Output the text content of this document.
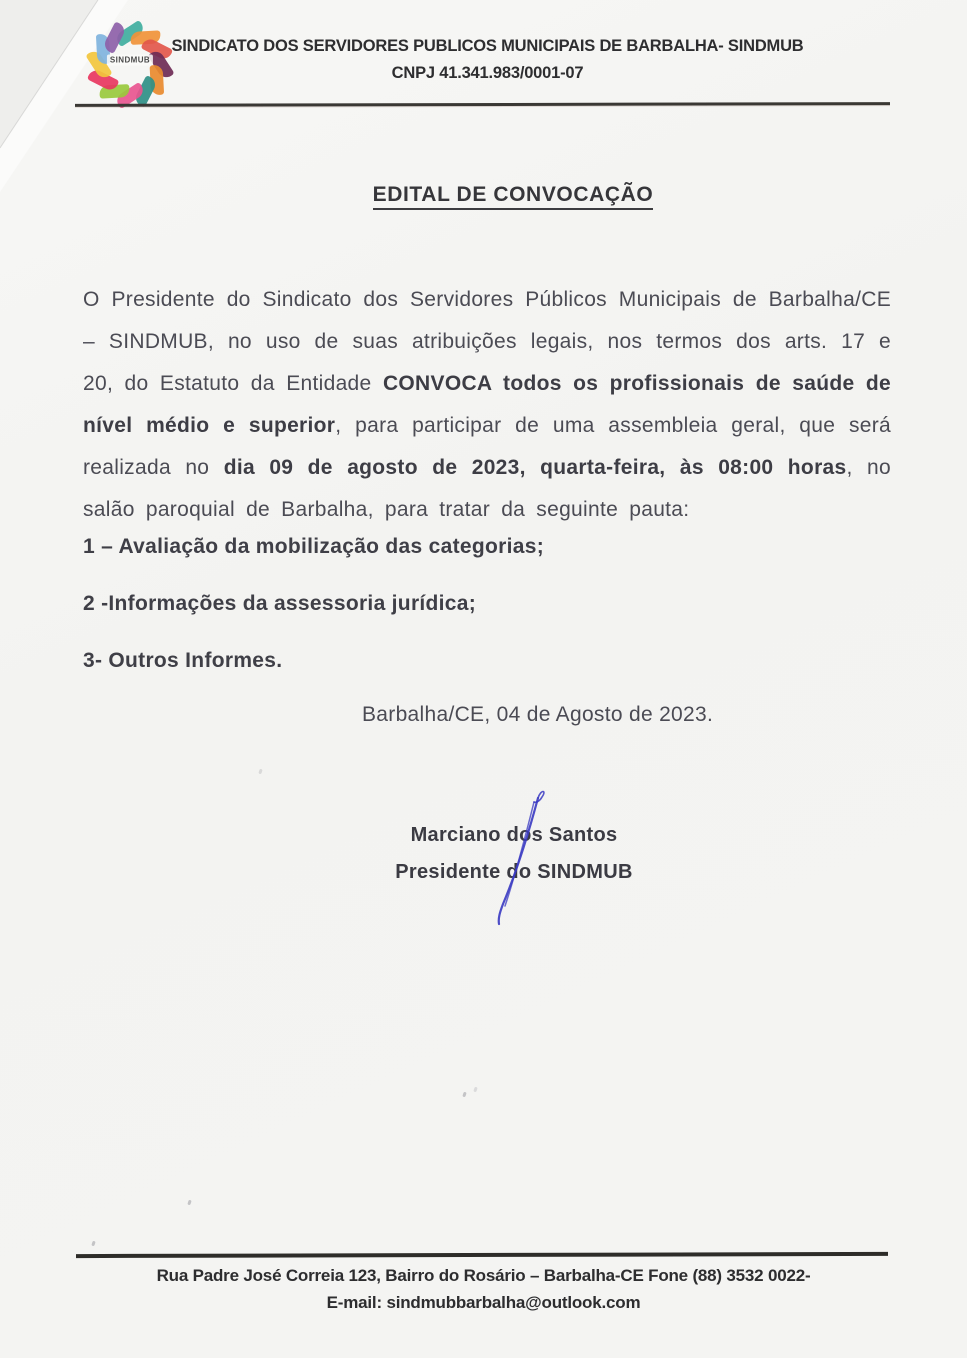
SINDMUB
SINDICATO DOS SERVIDORES PUBLICOS MUNICIPAIS DE BARBALHA- SINDMUB
CNPJ 41.341.983/0001-07
EDITAL DE CONVOCAÇÃO
O Presidente do Sindicato dos Servidores Públicos Municipais de Barbalha/CE – SINDMUB, no uso de suas atribuições legais, nos termos dos arts. 17 e 20, do Estatuto da Entidade CONVOCA todos os profissionais de saúde de nível médio e superior, para participar de uma assembleia geral, que será realizada no dia 09 de agosto de 2023, quarta-feira, às 08:00 horas, no salão paroquial de Barbalha, para tratar da seguinte pauta:
1 – Avaliação da mobilização das categorias;
2 -Informações da assessoria jurídica;
3- Outros Informes.
Barbalha/CE, 04 de Agosto de 2023.
Marciano dos Santos
Presidente do SINDMUB
Rua Padre José Correia 123, Bairro do Rosário – Barbalha-CE Fone (88) 3532 0022-
E-mail: sindmubbarbalha@outlook.com
